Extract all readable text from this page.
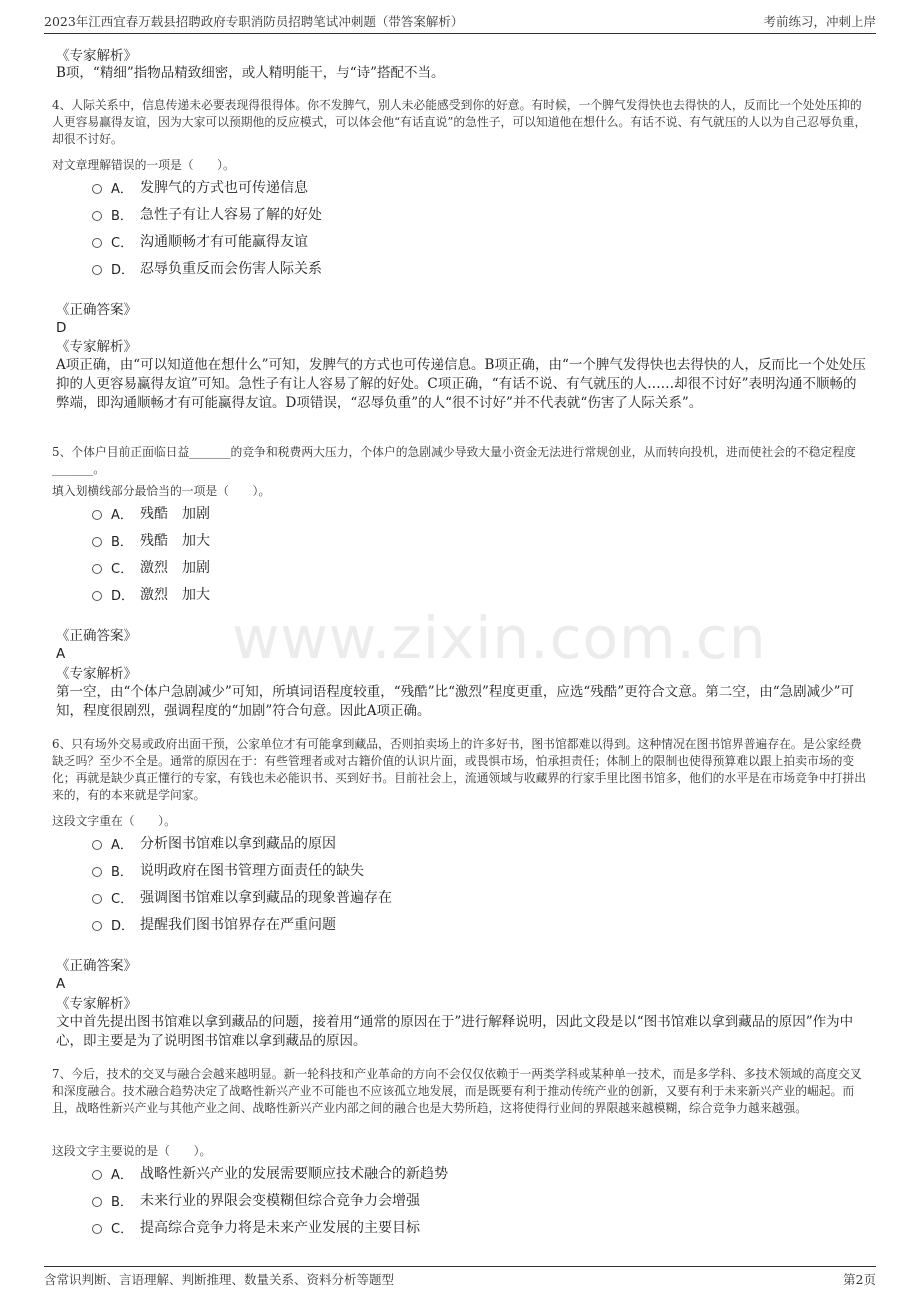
2023年江西宜春万载县招聘政府专职消防员招聘笔试冲刺题（带答案解析）	考前练习，冲刺上岸
www.zixin.com.cn
《专家解析》
B项，“精细”指物品精致细密，或人精明能干，与“诗”搭配不当。
4、人际关系中，信息传递未必要表现得很得体。你不发脾气，别人未必能感受到你的好意。有时候，一个脾气发得快也去得快的人，反而比一个处处压抑的人更容易赢得友谊，因为大家可以预期他的反应模式，可以体会他“有话直说”的急性子，可以知道他在想什么。有话不说、有气就压的人以为自己忍辱负重，却很不讨好。
对文章理解错误的一项是（　　）。
A． 发脾气的方式也可传递信息
B． 急性子有让人容易了解的好处
C． 沟通顺畅才有可能赢得友谊
D． 忍辱负重反而会伤害人际关系
《正确答案》
D
《专家解析》
A项正确，由“可以知道他在想什么”可知，发脾气的方式也可传递信息。B项正确，由“一个脾气发得快也去得快的人，反而比一个处处压抑的人更容易赢得友谊”可知。急性子有让人容易了解的好处。C项正确，“有话不说、有气就压的人……却很不讨好”表明沟通不顺畅的弊端，即沟通顺畅才有可能赢得友谊。D项错误，“忍辱负重”的人“很不讨好”并不代表就“伤害了人际关系”。
5、个体户目前正面临日益_______的竞争和税费两大压力，个体户的急剧减少导致大量小资金无法进行常规创业，从而转向投机，进而使社会的不稳定程度_______。
填入划横线部分最恰当的一项是（　　）。
A． 残酷　加剧
B． 残酷　加大
C． 激烈　加剧
D． 激烈　加大
《正确答案》
A
《专家解析》
第一空，由“个体户急剧减少”可知，所填词语程度较重，“残酷”比“激烈”程度更重，应选“残酷”更符合文意。第二空，由“急剧减少”可知，程度很剧烈，强调程度的“加剧”符合句意。因此A项正确。
6、只有场外交易或政府出面干预，公家单位才有可能拿到藏品，否则拍卖场上的许多好书，图书馆都难以得到。这种情况在图书馆界普遍存在。是公家经费缺乏吗？至少不全是。通常的原因在于：有些管理者或对古籍价值的认识片面，或畏惧市场，怕承担责任；体制上的限制也使得预算难以跟上拍卖市场的变化；再就是缺少真正懂行的专家，有钱也未必能识书、买到好书。目前社会上，流通领域与收藏界的行家手里比图书馆多，他们的水平是在市场竞争中打拼出来的，有的本来就是学问家。
这段文字重在（　　）。
A． 分析图书馆难以拿到藏品的原因
B． 说明政府在图书管理方面责任的缺失
C． 强调图书馆难以拿到藏品的现象普遍存在
D． 提醒我们图书馆界存在严重问题
《正确答案》
A
《专家解析》
文中首先提出图书馆难以拿到藏品的问题，接着用“通常的原因在于”进行解释说明，因此文段是以“图书馆难以拿到藏品的原因”作为中心，即主要是为了说明图书馆难以拿到藏品的原因。
7、今后，技术的交叉与融合会越来越明显。新一轮科技和产业革命的方向不会仅仅依赖于一两类学科或某种单一技术，而是多学科、多技术领域的高度交叉和深度融合。技术融合趋势决定了战略性新兴产业不可能也不应该孤立地发展，而是既要有利于推动传统产业的创新，又要有利于未来新兴产业的崛起。而且，战略性新兴产业与其他产业之间、战略性新兴产业内部之间的融合也是大势所趋，这将使得行业间的界限越来越模糊，综合竞争力越来越强。
这段文字主要说的是（　　）。
A． 战略性新兴产业的发展需要顺应技术融合的新趋势
B． 未来行业的界限会变模糊但综合竞争力会增强
C． 提高综合竞争力将是未来产业发展的主要目标
含常识判断、言语理解、判断推理、数量关系、资料分析等题型	第2页
